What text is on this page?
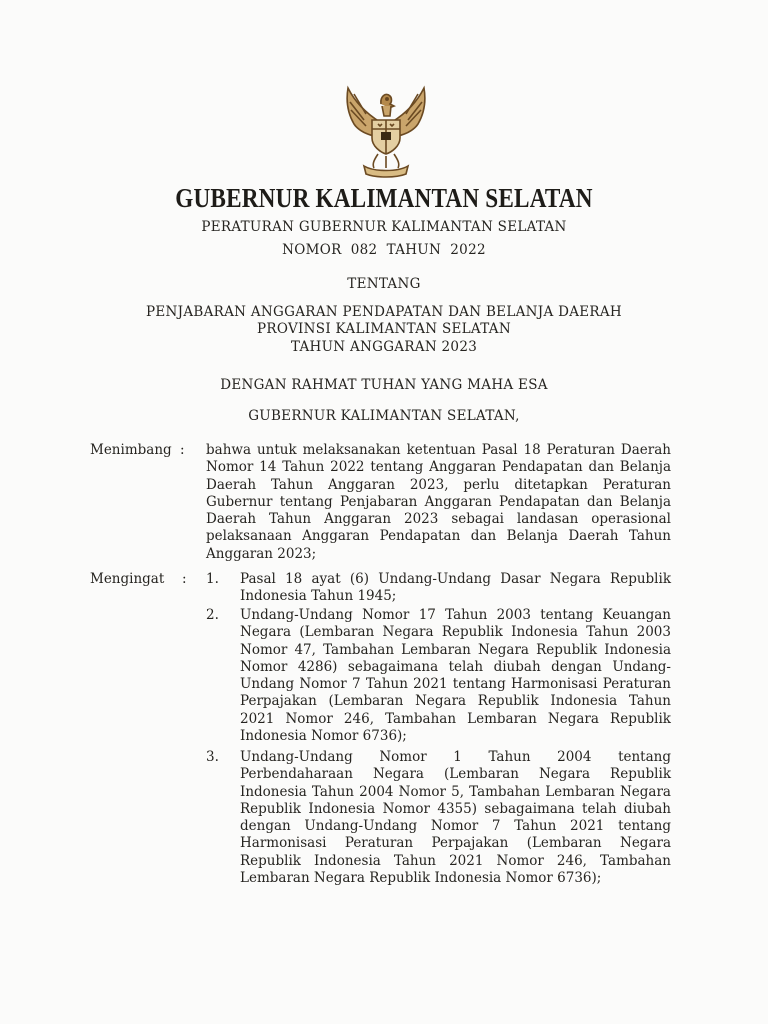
GUBERNUR KALIMANTAN SELATAN
PERATURAN GUBERNUR KALIMANTAN SELATAN
NOMOR  082  TAHUN  2022
TENTANG
PENJABARAN ANGGARAN PENDAPATAN DAN BELANJA DAERAH
PROVINSI KALIMANTAN SELATAN
TAHUN ANGGARAN 2023
DENGAN RAHMAT TUHAN YANG MAHA ESA
GUBERNUR KALIMANTAN SELATAN,
Menimbang : bahwa untuk melaksanakan ketentuan Pasal 18 Peraturan Daerah Nomor 14 Tahun 2022 tentang Anggaran Pendapatan dan Belanja Daerah Tahun Anggaran 2023, perlu ditetapkan Peraturan Gubernur tentang Penjabaran Anggaran Pendapatan dan Belanja Daerah Tahun Anggaran 2023 sebagai landasan operasional pelaksanaan Anggaran Pendapatan dan Belanja Daerah Tahun Anggaran 2023;
Mengingat : 1. Pasal 18 ayat (6) Undang-Undang Dasar Negara Republik Indonesia Tahun 1945;
2. Undang-Undang Nomor 17 Tahun 2003 tentang Keuangan Negara (Lembaran Negara Republik Indonesia Tahun 2003 Nomor 47, Tambahan Lembaran Negara Republik Indonesia Nomor 4286) sebagaimana telah diubah dengan Undang-Undang Nomor 7 Tahun 2021 tentang Harmonisasi Peraturan Perpajakan (Lembaran Negara Republik Indonesia Tahun 2021 Nomor 246, Tambahan Lembaran Negara Republik Indonesia Nomor 6736);
3. Undang-Undang Nomor 1 Tahun 2004 tentang Perbendaharaan Negara (Lembaran Negara Republik Indonesia Tahun 2004 Nomor 5, Tambahan Lembaran Negara Republik Indonesia Nomor 4355) sebagaimana telah diubah dengan Undang-Undang Nomor 7 Tahun 2021 tentang Harmonisasi Peraturan Perpajakan (Lembaran Negara Republik Indonesia Tahun 2021 Nomor 246, Tambahan Lembaran Negara Republik Indonesia Nomor 6736);
